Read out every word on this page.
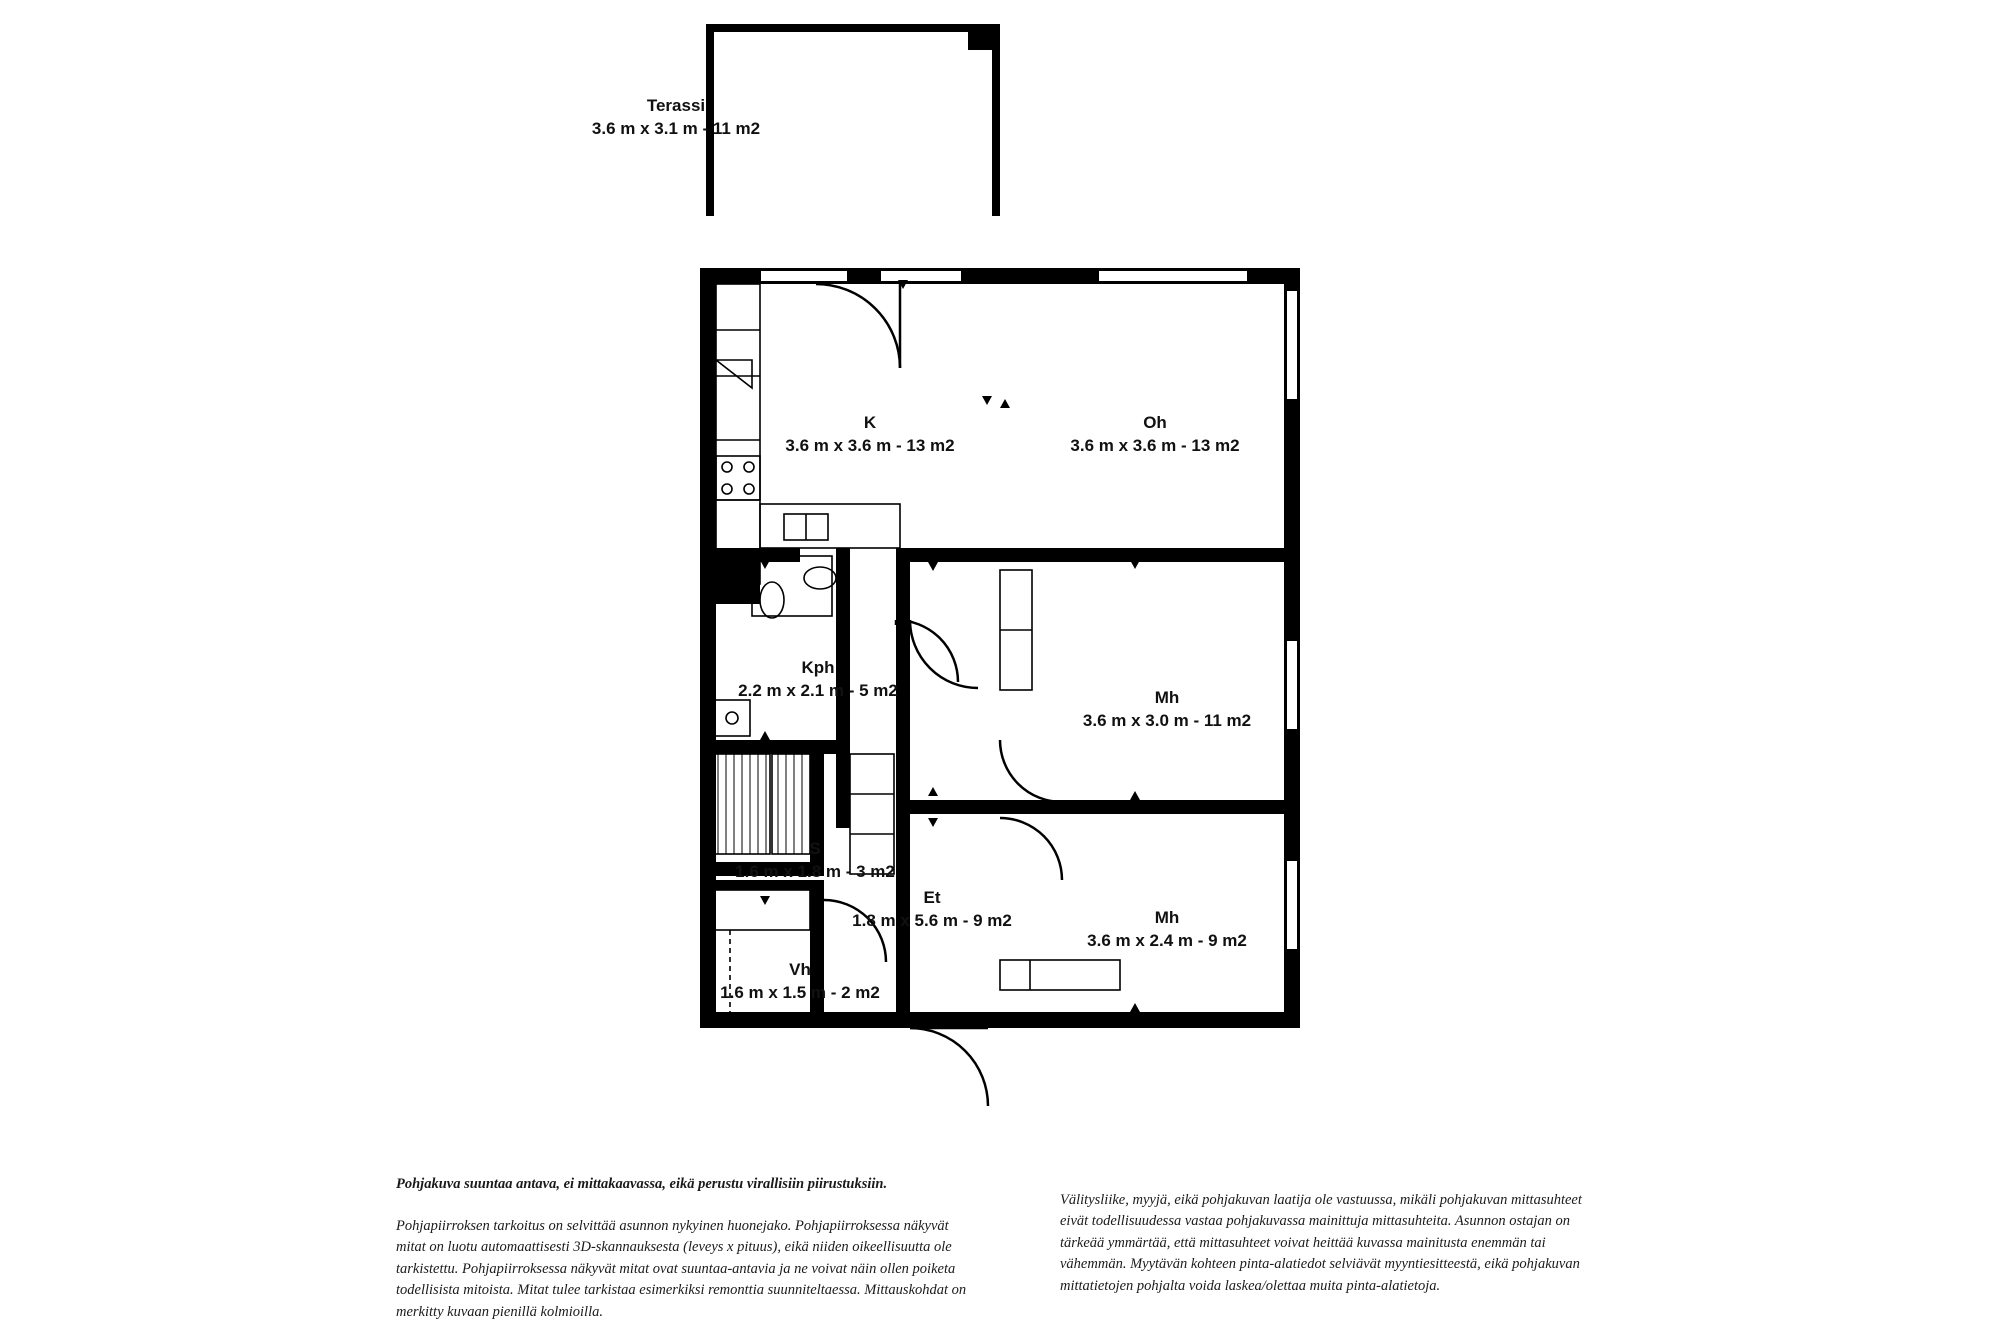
Terassi
3.6 m x 3.1 m - 11 m2
K
3.6 m x 3.6 m - 13 m2
Oh
3.6 m x 3.6 m - 13 m2
Kph
2.2 m x 2.1 m - 5 m2
S
1.6 m x 1.8 m - 3 m2
Et
1.8 m x 5.6 m - 9 m2
Vh
1.6 m x 1.5 m - 2 m2
Mh
3.6 m x 3.0 m - 11 m2
Mh
3.6 m x 2.4 m - 9 m2
Pohjakuva suuntaa antava, ei mittakaavassa, eikä perustu virallisiin piirustuksiin.
Pohjapiirroksen tarkoitus on selvittää asunnon nykyinen huonejako. Pohjapiirroksessa näkyvät mitat on luotu automaattisesti 3D-skannauksesta (leveys x pituus), eikä niiden oikeellisuutta ole tarkistettu. Pohjapiirroksessa näkyvät mitat ovat suuntaa-antavia ja ne voivat näin ollen poiketa todellisista mitoista. Mitat tulee tarkistaa esimerkiksi remonttia suunniteltaessa. Mittauskohdat on merkitty kuvaan pienillä kolmioilla.
Välitysliike, myyjä, eikä pohjakuvan laatija ole vastuussa, mikäli pohjakuvan mittasuhteet eivät todellisuudessa vastaa pohjakuvassa mainittuja mittasuhteita. Asunnon ostajan on tärkeää ymmärtää, että mittasuhteet voivat heittää kuvassa mainitusta enemmän tai vähemmän. Myytävän kohteen pinta-alatiedot selviävät myyntiesitteestä, eikä pohjakuvan mittatietojen pohjalta voida laskea/olettaa muita pinta-alatietoja.
